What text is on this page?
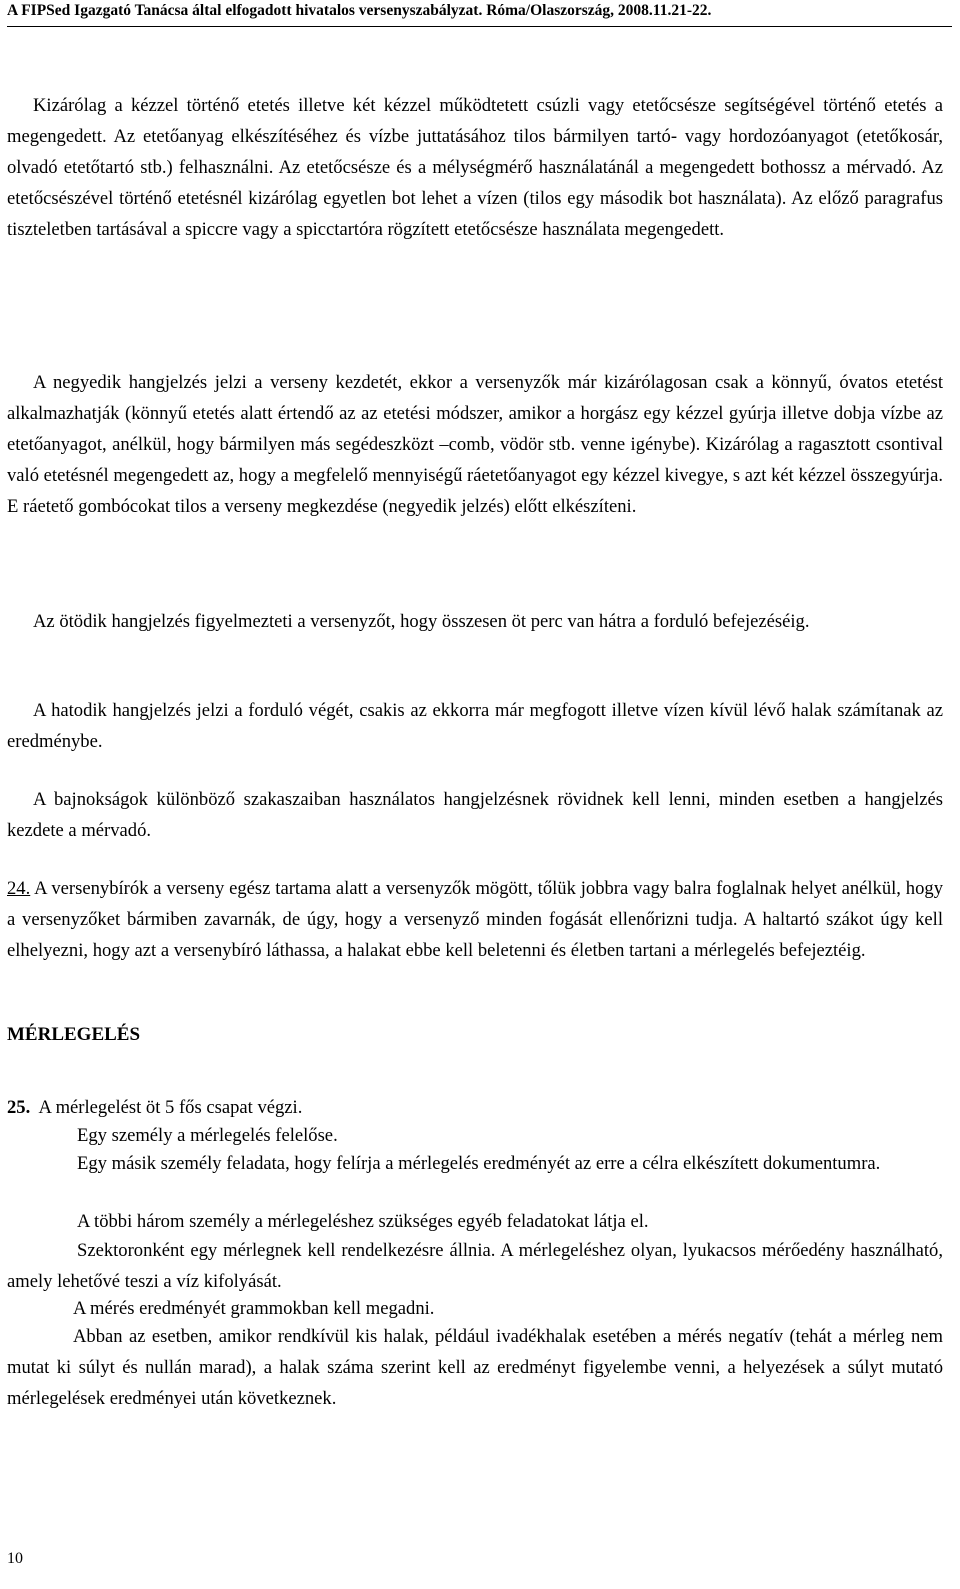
A FIPSed Igazgató Tanácsa által elfogadott hivatalos versenyszabályzat. Róma/Olaszország, 2008.11.21-22.

Kizárólag a kézzel történő etetés illetve két kézzel működtetett csúzli vagy etetőcsésze segítségével történő etetés a megengedett. Az etetőanyag elkészítéséhez és vízbe juttatásához tilos bármilyen tartó- vagy hordozóanyagot (etetőkosár, olvadó etetőtartó stb.) felhasználni. Az etetőcsésze és a mélységmérő használatánál a megengedett bothossz a mérvadó. Az etetőcsészével történő etetésnél kizárólag egyetlen bot lehet a vízen (tilos egy második bot használata). Az előző paragrafus tiszteletben tartásával a spiccre vagy a spicctartóra rögzített etetőcsésze használata megengedett.

A negyedik hangjelzés jelzi a verseny kezdetét, ekkor a versenyzők már kizárólagosan csak a könnyű, óvatos etetést alkalmazhatják (könnyű etetés alatt értendő az az etetési módszer, amikor a horgász egy kézzel gyúrja illetve dobja vízbe az etetőanyagot, anélkül, hogy bármilyen más segédeszközt –comb, vödör stb. venne igénybe). Kizárólag a ragasztott csontival való etetésnél megengedett az, hogy a megfelelő mennyiségű ráetetőanyagot egy kézzel kivegye, s azt két kézzel összegyúrja. E ráetető gombócokat tilos a verseny megkezdése (negyedik jelzés) előtt elkészíteni.

Az ötödik hangjelzés figyelmezteti a versenyzőt, hogy összesen öt perc van hátra a forduló befejezéséig.

A hatodik hangjelzés jelzi a forduló végét, csakis az ekkorra már megfogott illetve vízen kívül lévő halak számítanak az eredménybe.

A bajnokságok különböző szakaszaiban használatos hangjelzésnek rövidnek kell lenni, minden esetben a hangjelzés kezdete a mérvadó.

24. A versenybírók a verseny egész tartama alatt a versenyzők mögött, tőlük jobbra vagy balra foglalnak helyet anélkül, hogy a versenyzőket bármiben zavarnák, de úgy, hogy a versenyző minden fogását ellenőrizni tudja. A haltartó szákot úgy kell elhelyezni, hogy azt a versenybíró láthassa, a halakat ebbe kell beletenni és életben tartani a mérlegelés befejeztéig.

MÉRLEGELÉS

25. A mérlegelést öt 5 fős csapat végzi.

Egy személy a mérlegelés felelőse.

Egy másik személy feladata, hogy felírja a mérlegelés eredményét az erre a célra elkészített dokumentumra.

A többi három személy a mérlegeléshez szükséges egyéb feladatokat látja el.

Szektoronként egy mérlegnek kell rendelkezésre állnia. A mérlegeléshez olyan, lyukacsos mérőedény használható, amely lehetővé teszi a víz kifolyását.

A mérés eredményét grammokban kell megadni.

Abban az esetben, amikor rendkívül kis halak, például ivadékhalak esetében a mérés negatív (tehát a mérleg nem mutat ki súlyt és nullán marad), a halak száma szerint kell az eredményt figyelembe venni, a helyezések a súlyt mutató mérlegelések eredményei után következnek.

10
